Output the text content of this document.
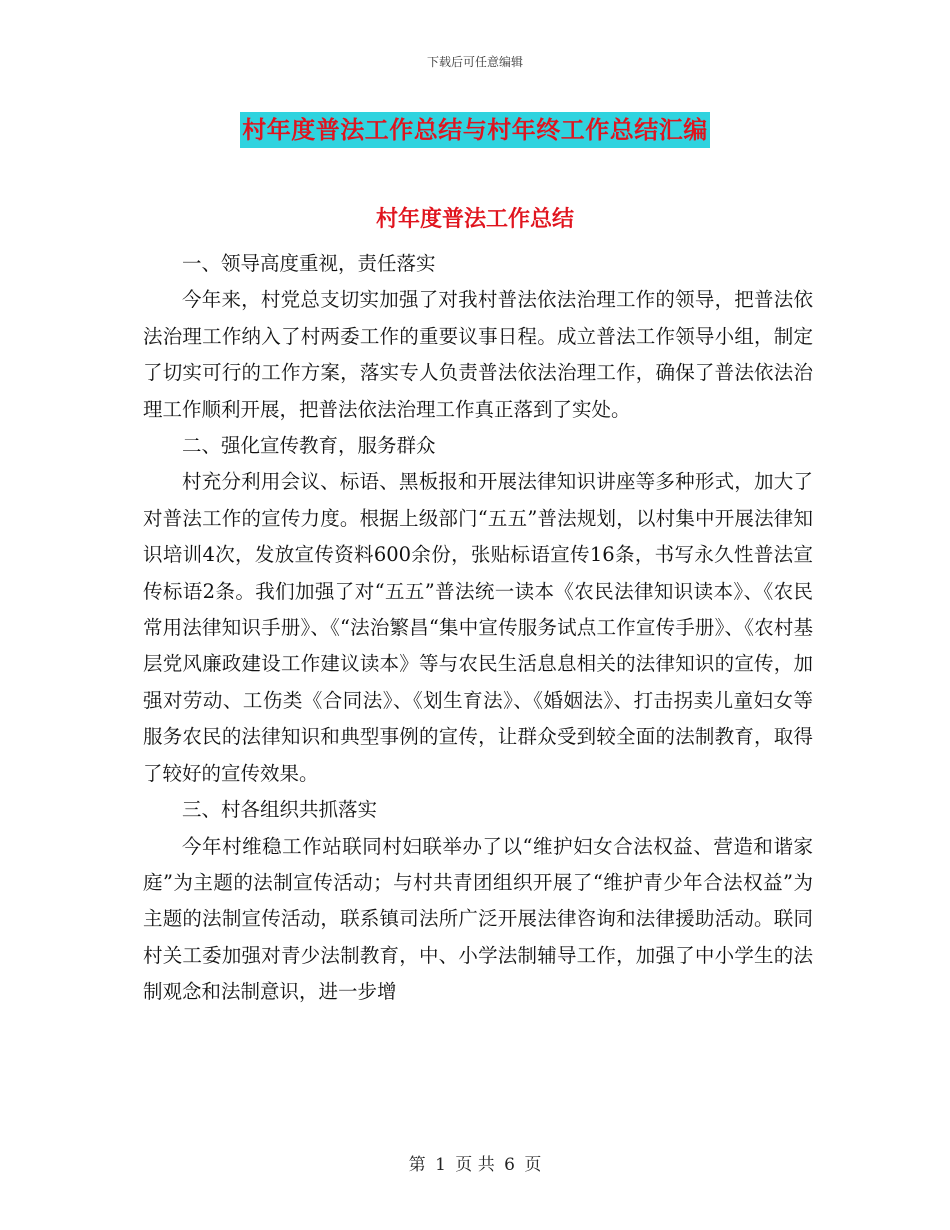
下载后可任意编辑
村年度普法工作总结与村年终工作总结汇编
村年度普法工作总结

一、领导高度重视，责任落实

今年来，村党总支切实加强了对我村普法依法治理工作的领导，把普法依法治理工作纳入了村两委工作的重要议事日程。成立普法工作领导小组，制定了切实可行的工作方案，落实专人负责普法依法治理工作，确保了普法依法治理工作顺利开展，把普法依法治理工作真正落到了实处。

二、强化宣传教育，服务群众

村充分利用会议、标语、黑板报和开展法律知识讲座等多种形式，加大了对普法工作的宣传力度。根据上级部门“五五”普法规划，以村集中开展法律知识培训4次，发放宣传资料600余份，张贴标语宣传16条，书写永久性普法宣传标语2条。我们加强了对“五五”普法统一读本《农民法律知识读本》、《农民常用法律知识手册》、《“法治繁昌“集中宣传服务试点工作宣传手册》、《农村基层党风廉政建设工作建议读本》等与农民生活息息相关的法律知识的宣传，加强对劳动、工伤类《合同法》、《划生育法》、《婚姻法》、打击拐卖儿童妇女等服务农民的法律知识和典型事例的宣传，让群众受到较全面的法制教育，取得了较好的宣传效果。

三、村各组织共抓落实

今年村维稳工作站联同村妇联举办了以“维护妇女合法权益、营造和谐家庭”为主题的法制宣传活动；与村共青团组织开展了“维护青少年合法权益”为主题的法制宣传活动，联系镇司法所广泛开展法律咨询和法律援助活动。联同村关工委加强对青少法制教育，中、小学法制辅导工作，加强了中小学生的法制观念和法制意识，进一步增

第 1 页 共 6 页
